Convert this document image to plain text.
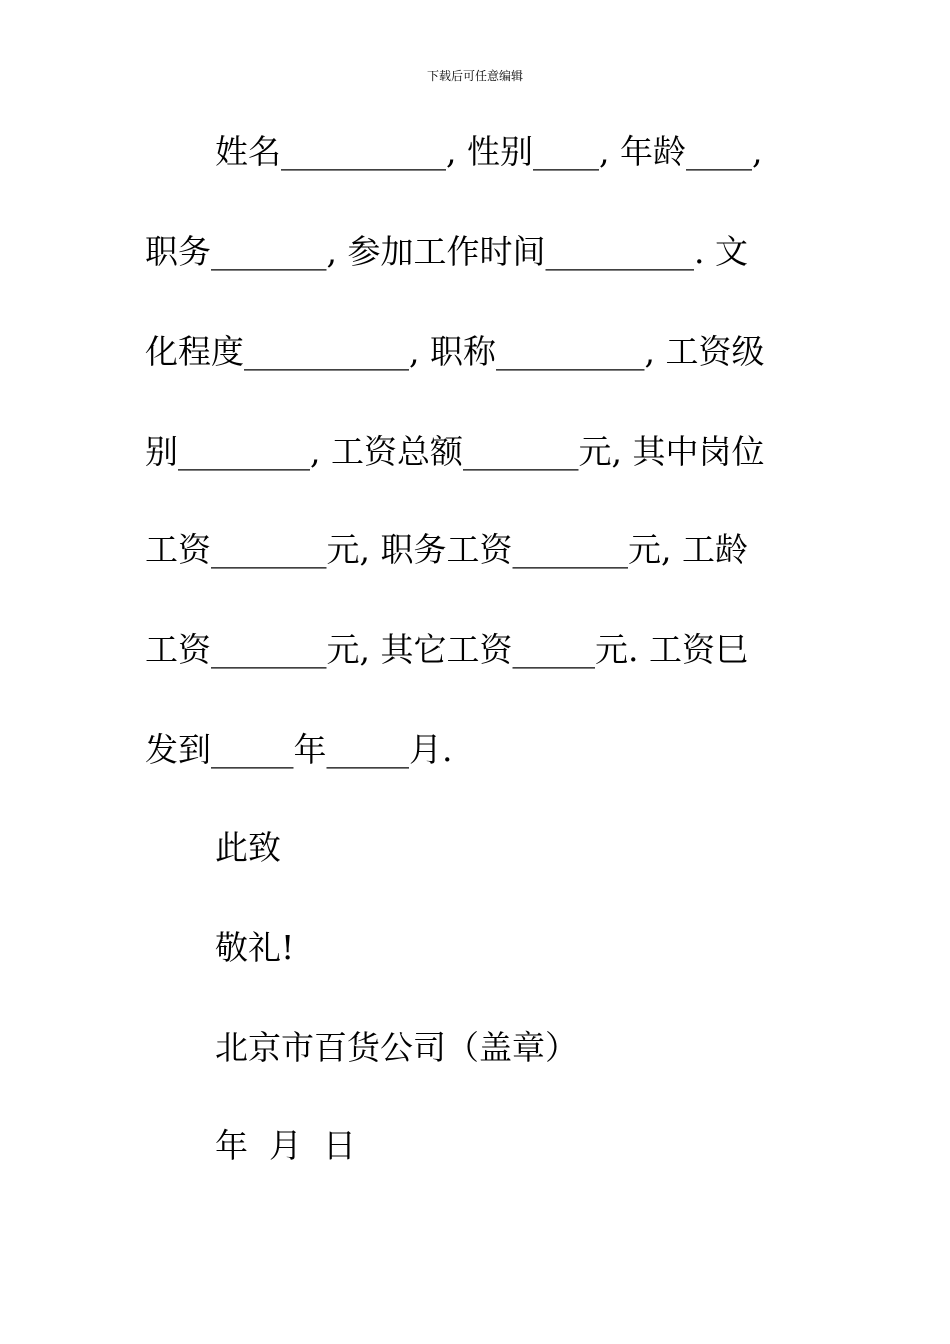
下载后可任意编辑
姓名__________, 性别____, 年龄____,
职务_______, 参加工作时间_________. 文
化程度__________, 职称_________, 工资级
别________, 工资总额_______元, 其中岗位
工资_______元, 职务工资_______元, 工龄
工资_______元, 其它工资_____元. 工资巳
发到_____年_____月.
此致
敬礼!
北京市百货公司（盖章）
年  月  日
